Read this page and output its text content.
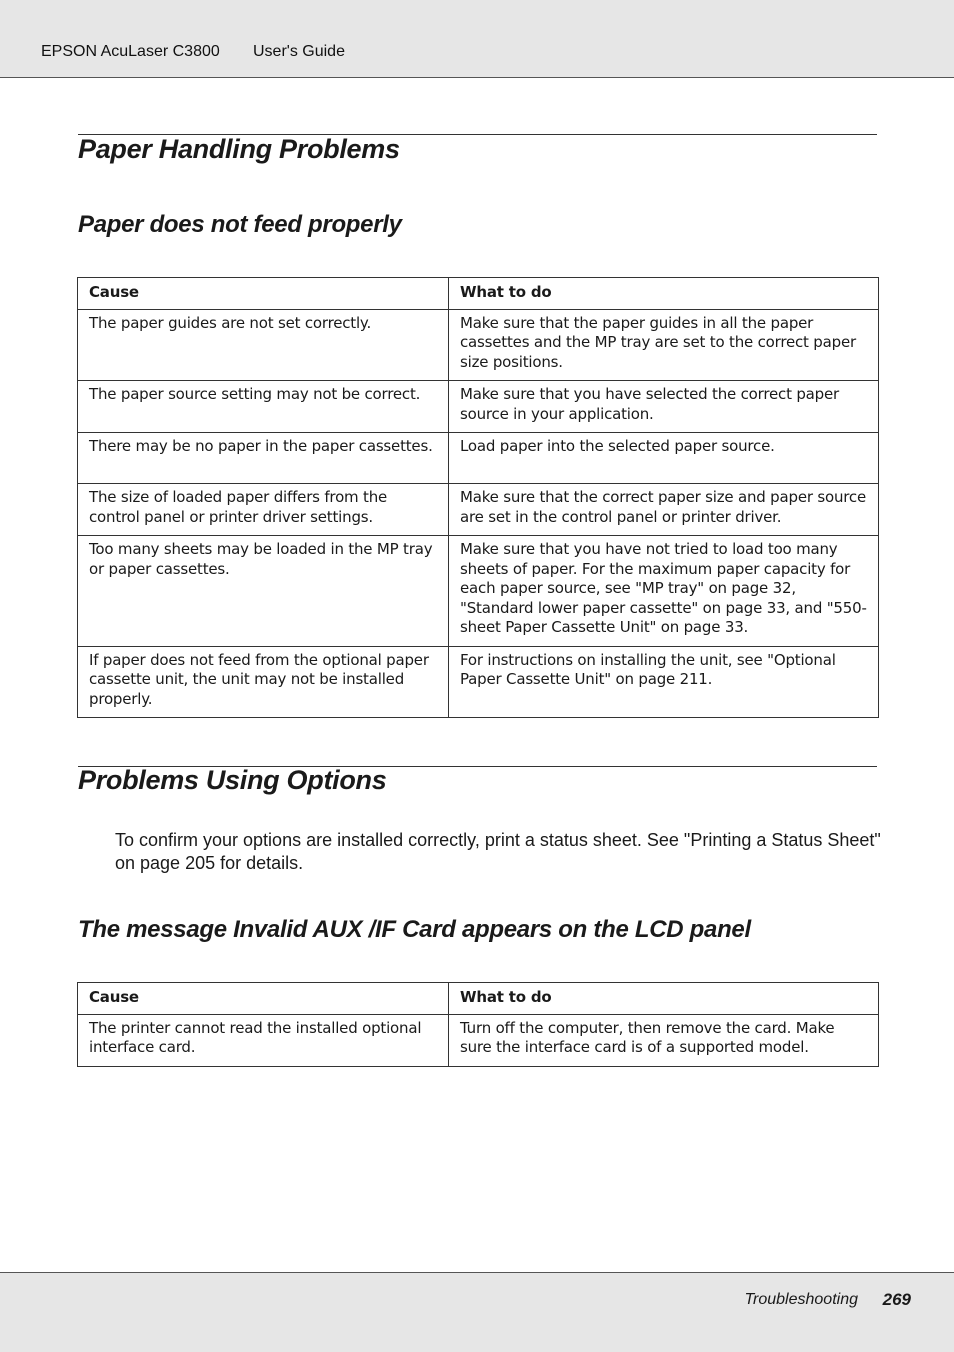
EPSON AcuLaser C3800 User's Guide
Paper Handling Problems
Paper does not feed properly
Cause	What to do
The paper guides are not set correctly.	Make sure that the paper guides in all the paper cassettes and the MP tray are set to the correct paper size positions.
The paper source setting may not be correct.	Make sure that you have selected the correct paper source in your application.
There may be no paper in the paper cassettes.	Load paper into the selected paper source.
The size of loaded paper differs from the control panel or printer driver settings.	Make sure that the correct paper size and paper source are set in the control panel or printer driver.
Too many sheets may be loaded in the MP tray or paper cassettes.	Make sure that you have not tried to load too many sheets of paper. For the maximum paper capacity for each paper source, see "MP tray" on page 32, "Standard lower paper cassette" on page 33, and "550-sheet Paper Cassette Unit" on page 33.
If paper does not feed from the optional paper cassette unit, the unit may not be installed properly.	For instructions on installing the unit, see "Optional Paper Cassette Unit" on page 211.
Problems Using Options

To confirm your options are installed correctly, print a status sheet. See "Printing a Status Sheet" on page 205 for details.

The message Invalid AUX /IF Card appears on the LCD panel
Cause	What to do
The printer cannot read the installed optional interface card.	Turn off the computer, then remove the card. Make sure the interface card is of a supported model.
Troubleshooting 269
